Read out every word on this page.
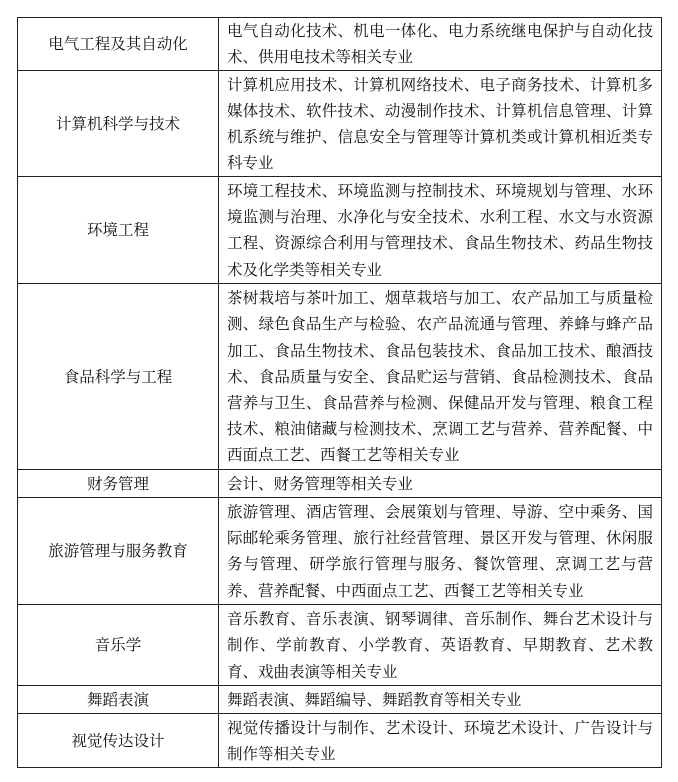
电气工程及其自动化	电气自动化技术、机电一体化、电力系统继电保护与自动化技术、供用电技术等相关专业
计算机科学与技术	计算机应用技术、计算机网络技术、电子商务技术、计算机多媒体技术、软件技术、动漫制作技术、计算机信息管理、计算机系统与维护、信息安全与管理等计算机类或计算机相近类专科专业
环境工程	环境工程技术、环境监测与控制技术、环境规划与管理、水环境监测与治理、水净化与安全技术、水利工程、水文与水资源工程、资源综合利用与管理技术、食品生物技术、药品生物技术及化学类等相关专业
食品科学与工程	茶树栽培与茶叶加工、烟草栽培与加工、农产品加工与质量检测、绿色食品生产与检验、农产品流通与管理、养蜂与蜂产品加工、食品生物技术、食品包装技术、食品加工技术、酿酒技术、食品质量与安全、食品贮运与营销、食品检测技术、食品营养与卫生、食品营养与检测、保健品开发与管理、粮食工程技术、粮油储藏与检测技术、烹调工艺与营养、营养配餐、中西面点工艺、西餐工艺等相关专业
财务管理	会计、财务管理等相关专业
旅游管理与服务教育	旅游管理、酒店管理、会展策划与管理、导游、空中乘务、国际邮轮乘务管理、旅行社经营管理、景区开发与管理、休闲服务与管理、研学旅行管理与服务、餐饮管理、烹调工艺与营养、营养配餐、中西面点工艺、西餐工艺等相关专业
音乐学	音乐教育、音乐表演、钢琴调律、音乐制作、舞台艺术设计与制作、学前教育、小学教育、英语教育、早期教育、艺术教育、戏曲表演等相关专业
舞蹈表演	舞蹈表演、舞蹈编导、舞蹈教育等相关专业
视觉传达设计	视觉传播设计与制作、艺术设计、环境艺术设计、广告设计与制作等相关专业
